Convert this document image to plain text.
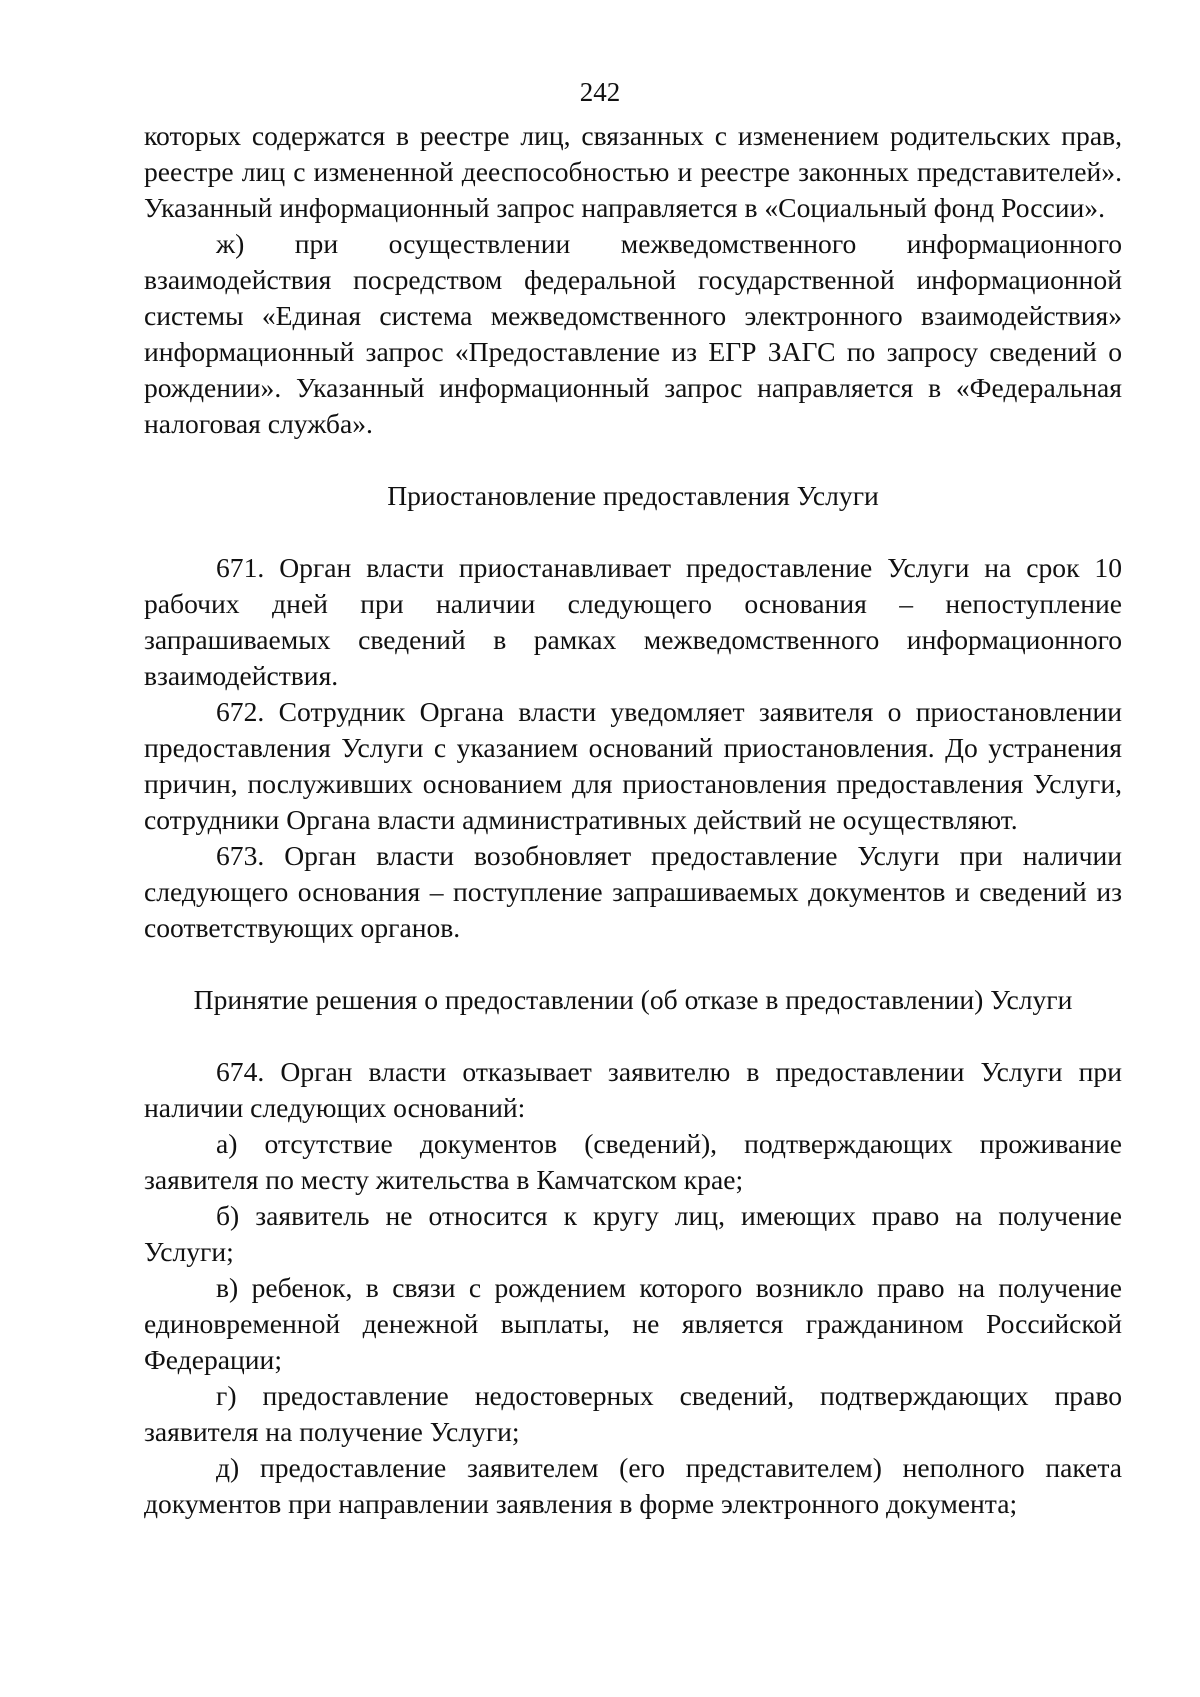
242

которых содержатся в реестре лиц, связанных с изменением родительских прав, реестре лиц с измененной дееспособностью и реестре законных представителей». Указанный информационный запрос направляется в «Социальный фонд России».

ж) при осуществлении межведомственного информационного взаимодействия посредством федеральной государственной информационной системы «Единая система межведомственного электронного взаимодействия» информационный запрос «Предоставление из ЕГР ЗАГС по запросу сведений о рождении». Указанный информационный запрос направляется в «Федеральная налоговая служба».

Приостановление предоставления Услуги

671. Орган власти приостанавливает предоставление Услуги на срок 10 рабочих дней при наличии следующего основания – непоступление запрашиваемых сведений в рамках межведомственного информационного взаимодействия.

672. Сотрудник Органа власти уведомляет заявителя о приостановлении предоставления Услуги с указанием оснований приостановления. До устранения причин, послуживших основанием для приостановления предоставления Услуги, сотрудники Органа власти административных действий не осуществляют.

673. Орган власти возобновляет предоставление Услуги при наличии следующего основания – поступление запрашиваемых документов и сведений из соответствующих органов.

Принятие решения о предоставлении (об отказе в предоставлении) Услуги

674. Орган власти отказывает заявителю в предоставлении Услуги при наличии следующих оснований:

а) отсутствие документов (сведений), подтверждающих проживание заявителя по месту жительства в Камчатском крае;

б) заявитель не относится к кругу лиц, имеющих право на получение Услуги;

в) ребенок, в связи с рождением которого возникло право на получение единовременной денежной выплаты, не является гражданином Российской Федерации;

г) предоставление недостоверных сведений, подтверждающих право заявителя на получение Услуги;

д) предоставление заявителем (его представителем) неполного пакета документов при направлении заявления в форме электронного документа;
